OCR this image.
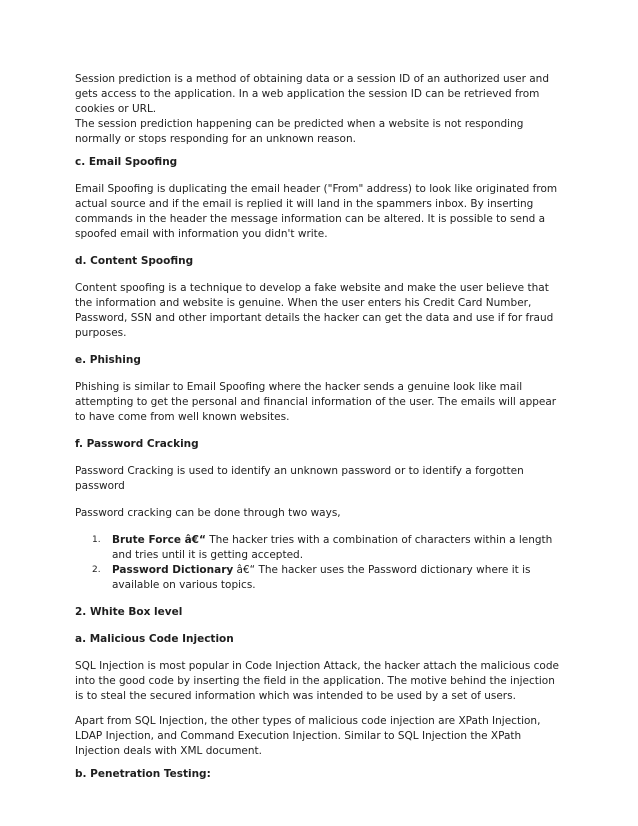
Session prediction is a method of obtaining data or a session ID of an authorized user and gets access to the application. In a web application the session ID can be retrieved from cookies or URL.

The session prediction happening can be predicted when a website is not responding normally or stops responding for an unknown reason.

c. Email Spoofing

Email Spoofing is duplicating the email header ("From" address) to look like originated from actual source and if the email is replied it will land in the spammers inbox. By inserting commands in the header the message information can be altered. It is possible to send a spoofed email with information you didn't write.

d. Content Spoofing

Content spoofing is a technique to develop a fake website and make the user believe that the information and website is genuine. When the user enters his Credit Card Number, Password, SSN and other important details the hacker can get the data and use if for fraud purposes.

e. Phishing

Phishing is similar to Email Spoofing where the hacker sends a genuine look like mail attempting to get the personal and financial information of the user. The emails will appear to have come from well known websites.

f. Password Cracking

Password Cracking is used to identify an unknown password or to identify a forgotten password

Password cracking can be done through two ways,

1. Brute Force â€“ The hacker tries with a combination of characters within a length and tries until it is getting accepted.
2. Password Dictionary â€“ The hacker uses the Password dictionary where it is available on various topics.

2. White Box level

a. Malicious Code Injection

SQL Injection is most popular in Code Injection Attack, the hacker attach the malicious code into the good code by inserting the field in the application. The motive behind the injection is to steal the secured information which was intended to be used by a set of users.

Apart from SQL Injection, the other types of malicious code injection are XPath Injection, LDAP Injection, and Command Execution Injection. Similar to SQL Injection the XPath Injection deals with XML document.

b. Penetration Testing:
